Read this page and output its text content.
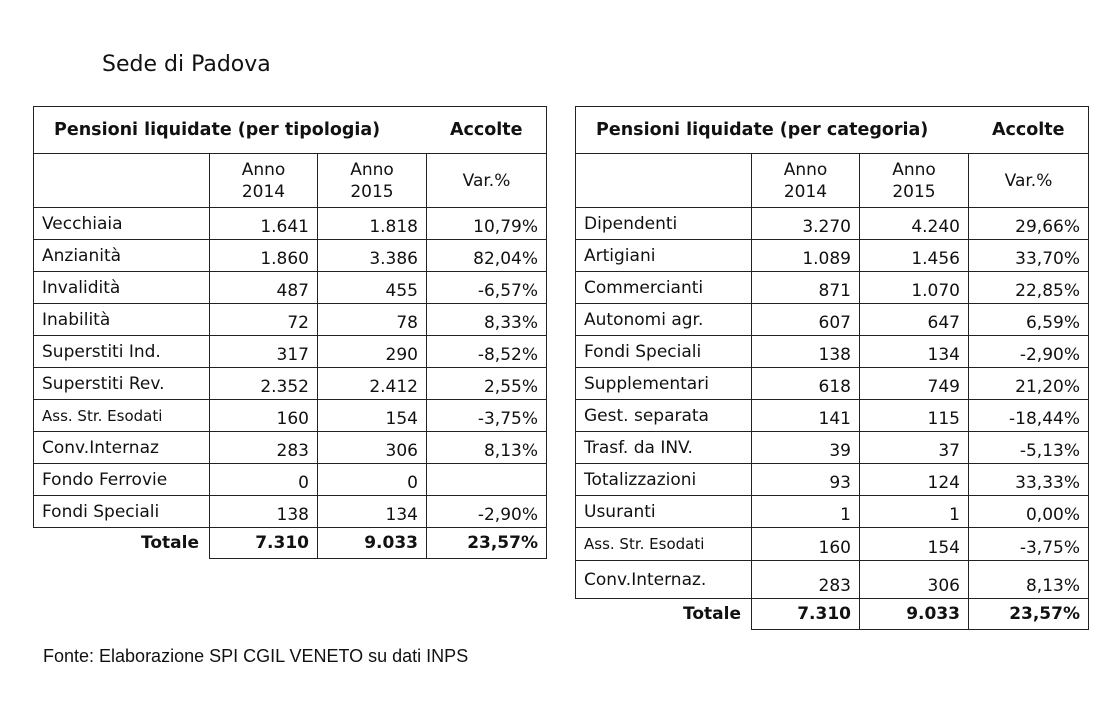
Sede di Padova
Pensioni liquidate (per tipologia)			Accolte
	Anno 2014	Anno 2015	Var.%
Vecchiaia	1.641	1.818	10,79%
Anzianità	1.860	3.386	82,04%
Invalidità	487	455	-6,57%
Inabilità	72	78	8,33%
Superstiti Ind.	317	290	-8,52%
Superstiti Rev.	2.352	2.412	2,55%
Ass. Str. Esodati	160	154	-3,75%
Conv.Internaz	283	306	8,13%
Fondo Ferrovie	0	0	
Fondi Speciali	138	134	-2,90%
Totale	7.310	9.033	23,57%
Pensioni liquidate (per categoria)			Accolte
	Anno 2014	Anno 2015	Var.%
Dipendenti	3.270	4.240	29,66%
Artigiani	1.089	1.456	33,70%
Commercianti	871	1.070	22,85%
Autonomi agr.	607	647	6,59%
Fondi Speciali	138	134	-2,90%
Supplementari	618	749	21,20%
Gest. separata	141	115	-18,44%
Trasf. da INV.	39	37	-5,13%
Totalizzazioni	93	124	33,33%
Usuranti	1	1	0,00%
Ass. Str. Esodati	160	154	-3,75%
Conv.Internaz.	283	306	8,13%
Totale	7.310	9.033	23,57%
Fonte: Elaborazione SPI CGIL VENETO su dati INPS
